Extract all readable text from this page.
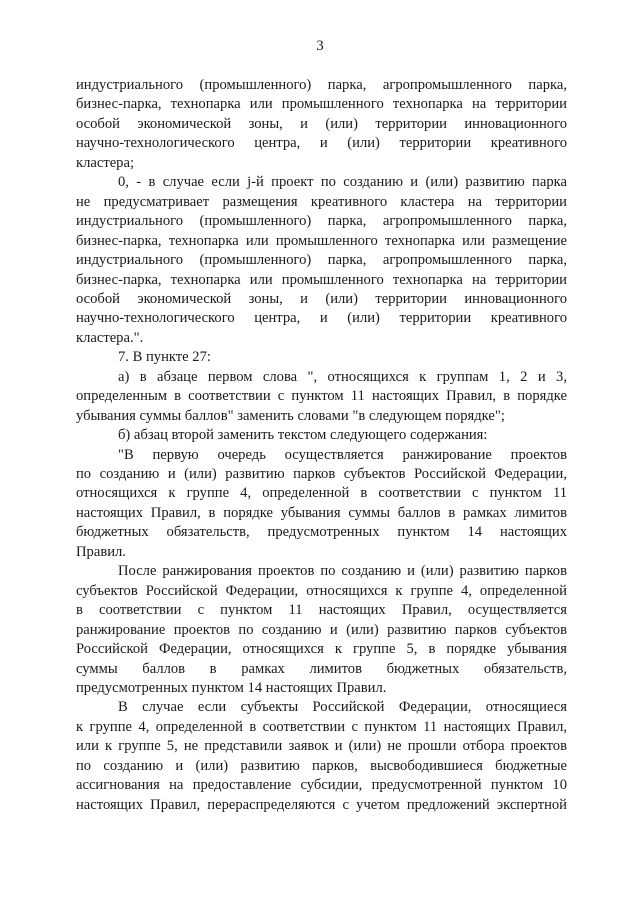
3
индустриального (промышленного) парка, агропромышленного парка,
бизнес-парка, технопарка или промышленного технопарка на территории
особой экономической зоны, и (или) территории инновационного
научно-технологического центра, и (или) территории креативного
кластера;
0, - в случае если j-й проект по созданию и (или) развитию парка
не предусматривает размещения креативного кластера на территории
индустриального (промышленного) парка, агропромышленного парка,
бизнес-парка, технопарка или промышленного технопарка или размещение
индустриального (промышленного) парка, агропромышленного парка,
бизнес-парка, технопарка или промышленного технопарка на территории
особой экономической зоны, и (или) территории инновационного
научно-технологического центра, и (или) территории креативного
кластера.".
7. В пункте 27:
а) в абзаце первом слова ", относящихся к группам 1, 2 и 3,
определенным в соответствии с пунктом 11 настоящих Правил, в порядке
убывания суммы баллов" заменить словами "в следующем порядке";
б) абзац второй заменить текстом следующего содержания:
"В первую очередь осуществляется ранжирование проектов
по созданию и (или) развитию парков субъектов Российской Федерации,
относящихся к группе 4, определенной в соответствии с пунктом 11
настоящих Правил, в порядке убывания суммы баллов в рамках лимитов
бюджетных обязательств, предусмотренных пунктом 14 настоящих
Правил.
После ранжирования проектов по созданию и (или) развитию парков
субъектов Российской Федерации, относящихся к группе 4, определенной
в соответствии с пунктом 11 настоящих Правил, осуществляется
ранжирование проектов по созданию и (или) развитию парков субъектов
Российской Федерации, относящихся к группе 5, в порядке убывания
суммы баллов в рамках лимитов бюджетных обязательств,
предусмотренных пунктом 14 настоящих Правил.
В случае если субъекты Российской Федерации, относящиеся
к группе 4, определенной в соответствии с пунктом 11 настоящих Правил,
или к группе 5, не представили заявок и (или) не прошли отбора проектов
по созданию и (или) развитию парков, высвободившиеся бюджетные
ассигнования на предоставление субсидии, предусмотренной пунктом 10
настоящих Правил, перераспределяются с учетом предложений экспертной
